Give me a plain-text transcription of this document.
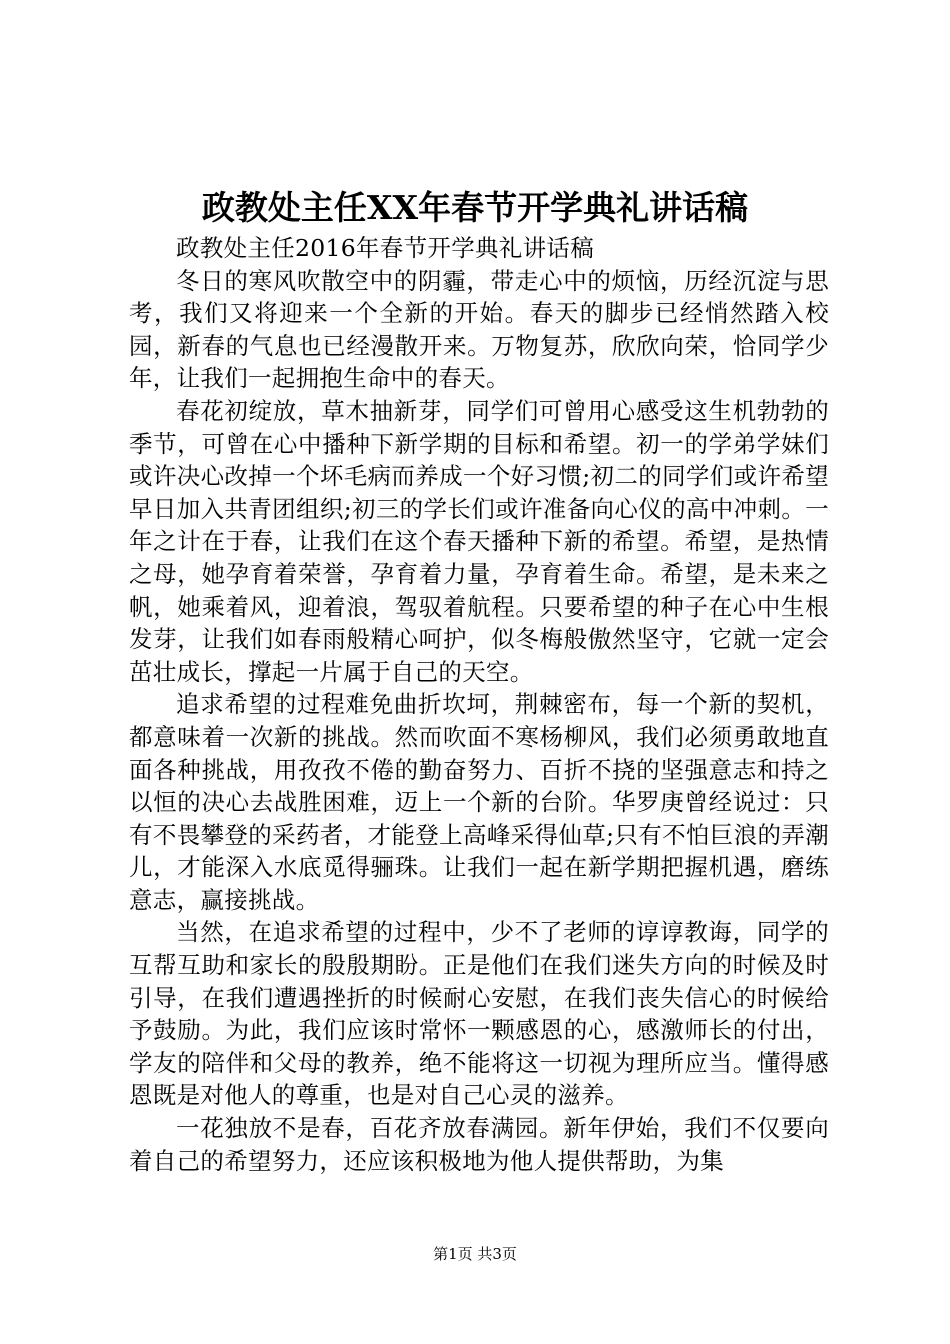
政教处主任XX年春节开学典礼讲话稿

政教处主任2016年春节开学典礼讲话稿

冬日的寒风吹散空中的阴霾，带走心中的烦恼，历经沉淀与思考，我们又将迎来一个全新的开始。春天的脚步已经悄然踏入校园，新春的气息也已经漫散开来。万物复苏，欣欣向荣，恰同学少年，让我们一起拥抱生命中的春天。

春花初绽放，草木抽新芽，同学们可曾用心感受这生机勃勃的季节，可曾在心中播种下新学期的目标和希望。初一的学弟学妹们或许决心改掉一个坏毛病而养成一个好习惯;初二的同学们或许希望早日加入共青团组织;初三的学长们或许准备向心仪的高中冲刺。一年之计在于春，让我们在这个春天播种下新的希望。希望，是热情之母，她孕育着荣誉，孕育着力量，孕育着生命。希望，是未来之帆，她乘着风，迎着浪，驾驭着航程。只要希望的种子在心中生根发芽，让我们如春雨般精心呵护，似冬梅般傲然坚守，它就一定会茁壮成长，撑起一片属于自己的天空。

追求希望的过程难免曲折坎坷，荆棘密布，每一个新的契机，都意味着一次新的挑战。然而吹面不寒杨柳风，我们必须勇敢地直面各种挑战，用孜孜不倦的勤奋努力、百折不挠的坚强意志和持之以恒的决心去战胜困难，迈上一个新的台阶。华罗庚曾经说过：只有不畏攀登的采药者，才能登上高峰采得仙草;只有不怕巨浪的弄潮儿，才能深入水底觅得骊珠。让我们一起在新学期把握机遇，磨练意志，赢接挑战。

当然，在追求希望的过程中，少不了老师的谆谆教诲，同学的互帮互助和家长的殷殷期盼。正是他们在我们迷失方向的时候及时引导，在我们遭遇挫折的时候耐心安慰，在我们丧失信心的时候给予鼓励。为此，我们应该时常怀一颗感恩的心，感激师长的付出，学友的陪伴和父母的教养，绝不能将这一切视为理所应当。懂得感恩既是对他人的尊重，也是对自己心灵的滋养。

一花独放不是春，百花齐放春满园。新年伊始，我们不仅要向着自己的希望努力，还应该积极地为他人提供帮助，为集

第1页 共3页
